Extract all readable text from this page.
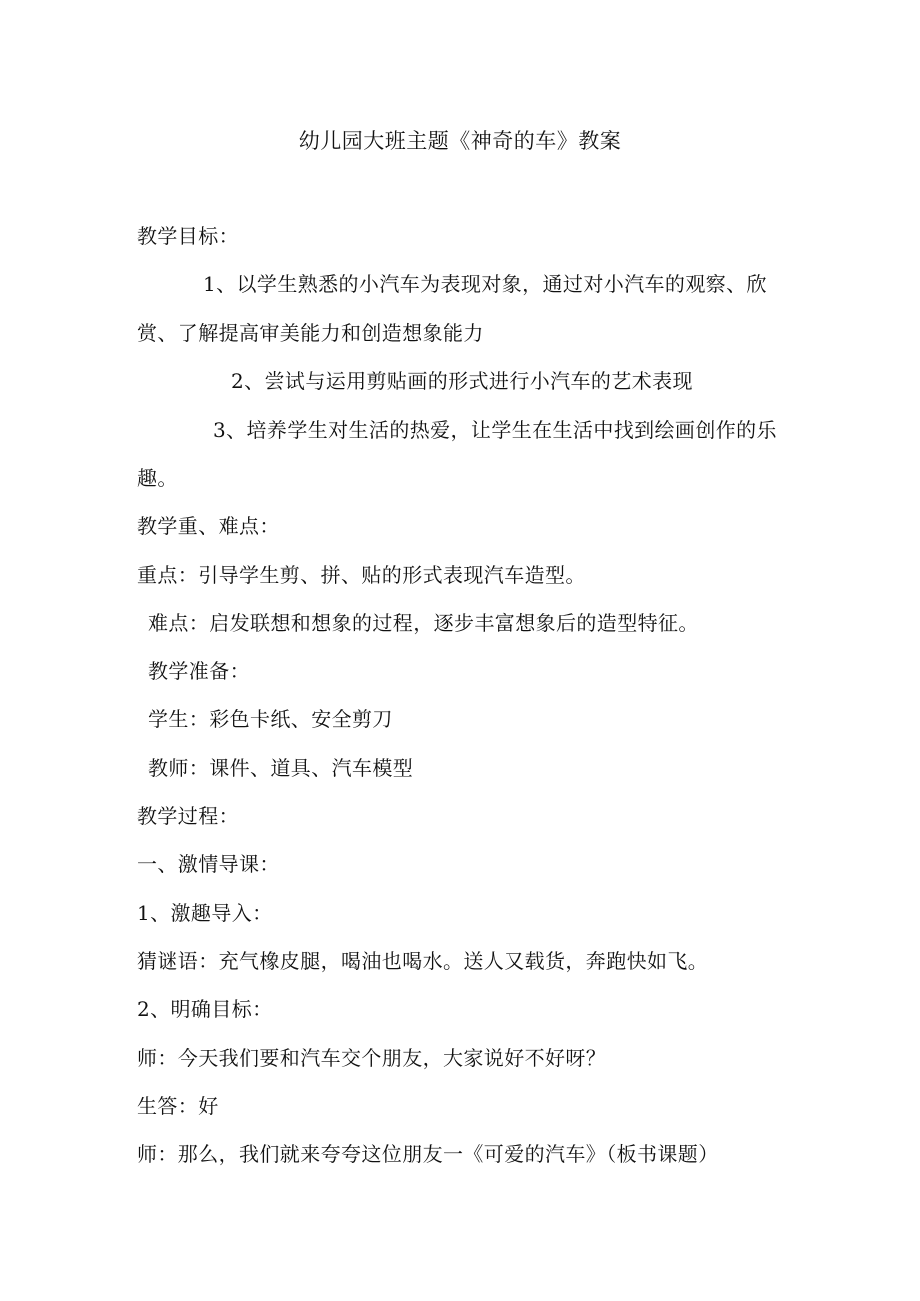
幼儿园大班主题《神奇的车》教案
教学目标：
1、以学生熟悉的小汽车为表现对象，通过对小汽车的观察、欣
赏、了解提高审美能力和创造想象能力
2、尝试与运用剪贴画的形式进行小汽车的艺术表现
3、培养学生对生活的热爱，让学生在生活中找到绘画创作的乐
趣。
教学重、难点：
重点：引导学生剪、拼、贴的形式表现汽车造型。
难点：启发联想和想象的过程，逐步丰富想象后的造型特征。
教学准备：
学生：彩色卡纸、安全剪刀
教师：课件、道具、汽车模型
教学过程：
一、激情导课：
1、激趣导入：
猜谜语：充气橡皮腿，喝油也喝水。送人又载货，奔跑快如飞。
2、明确目标：
师：今天我们要和汽车交个朋友，大家说好不好呀？
生答：好
师：那么，我们就来夸夸这位朋友一《可爱的汽车》（板书课题）
